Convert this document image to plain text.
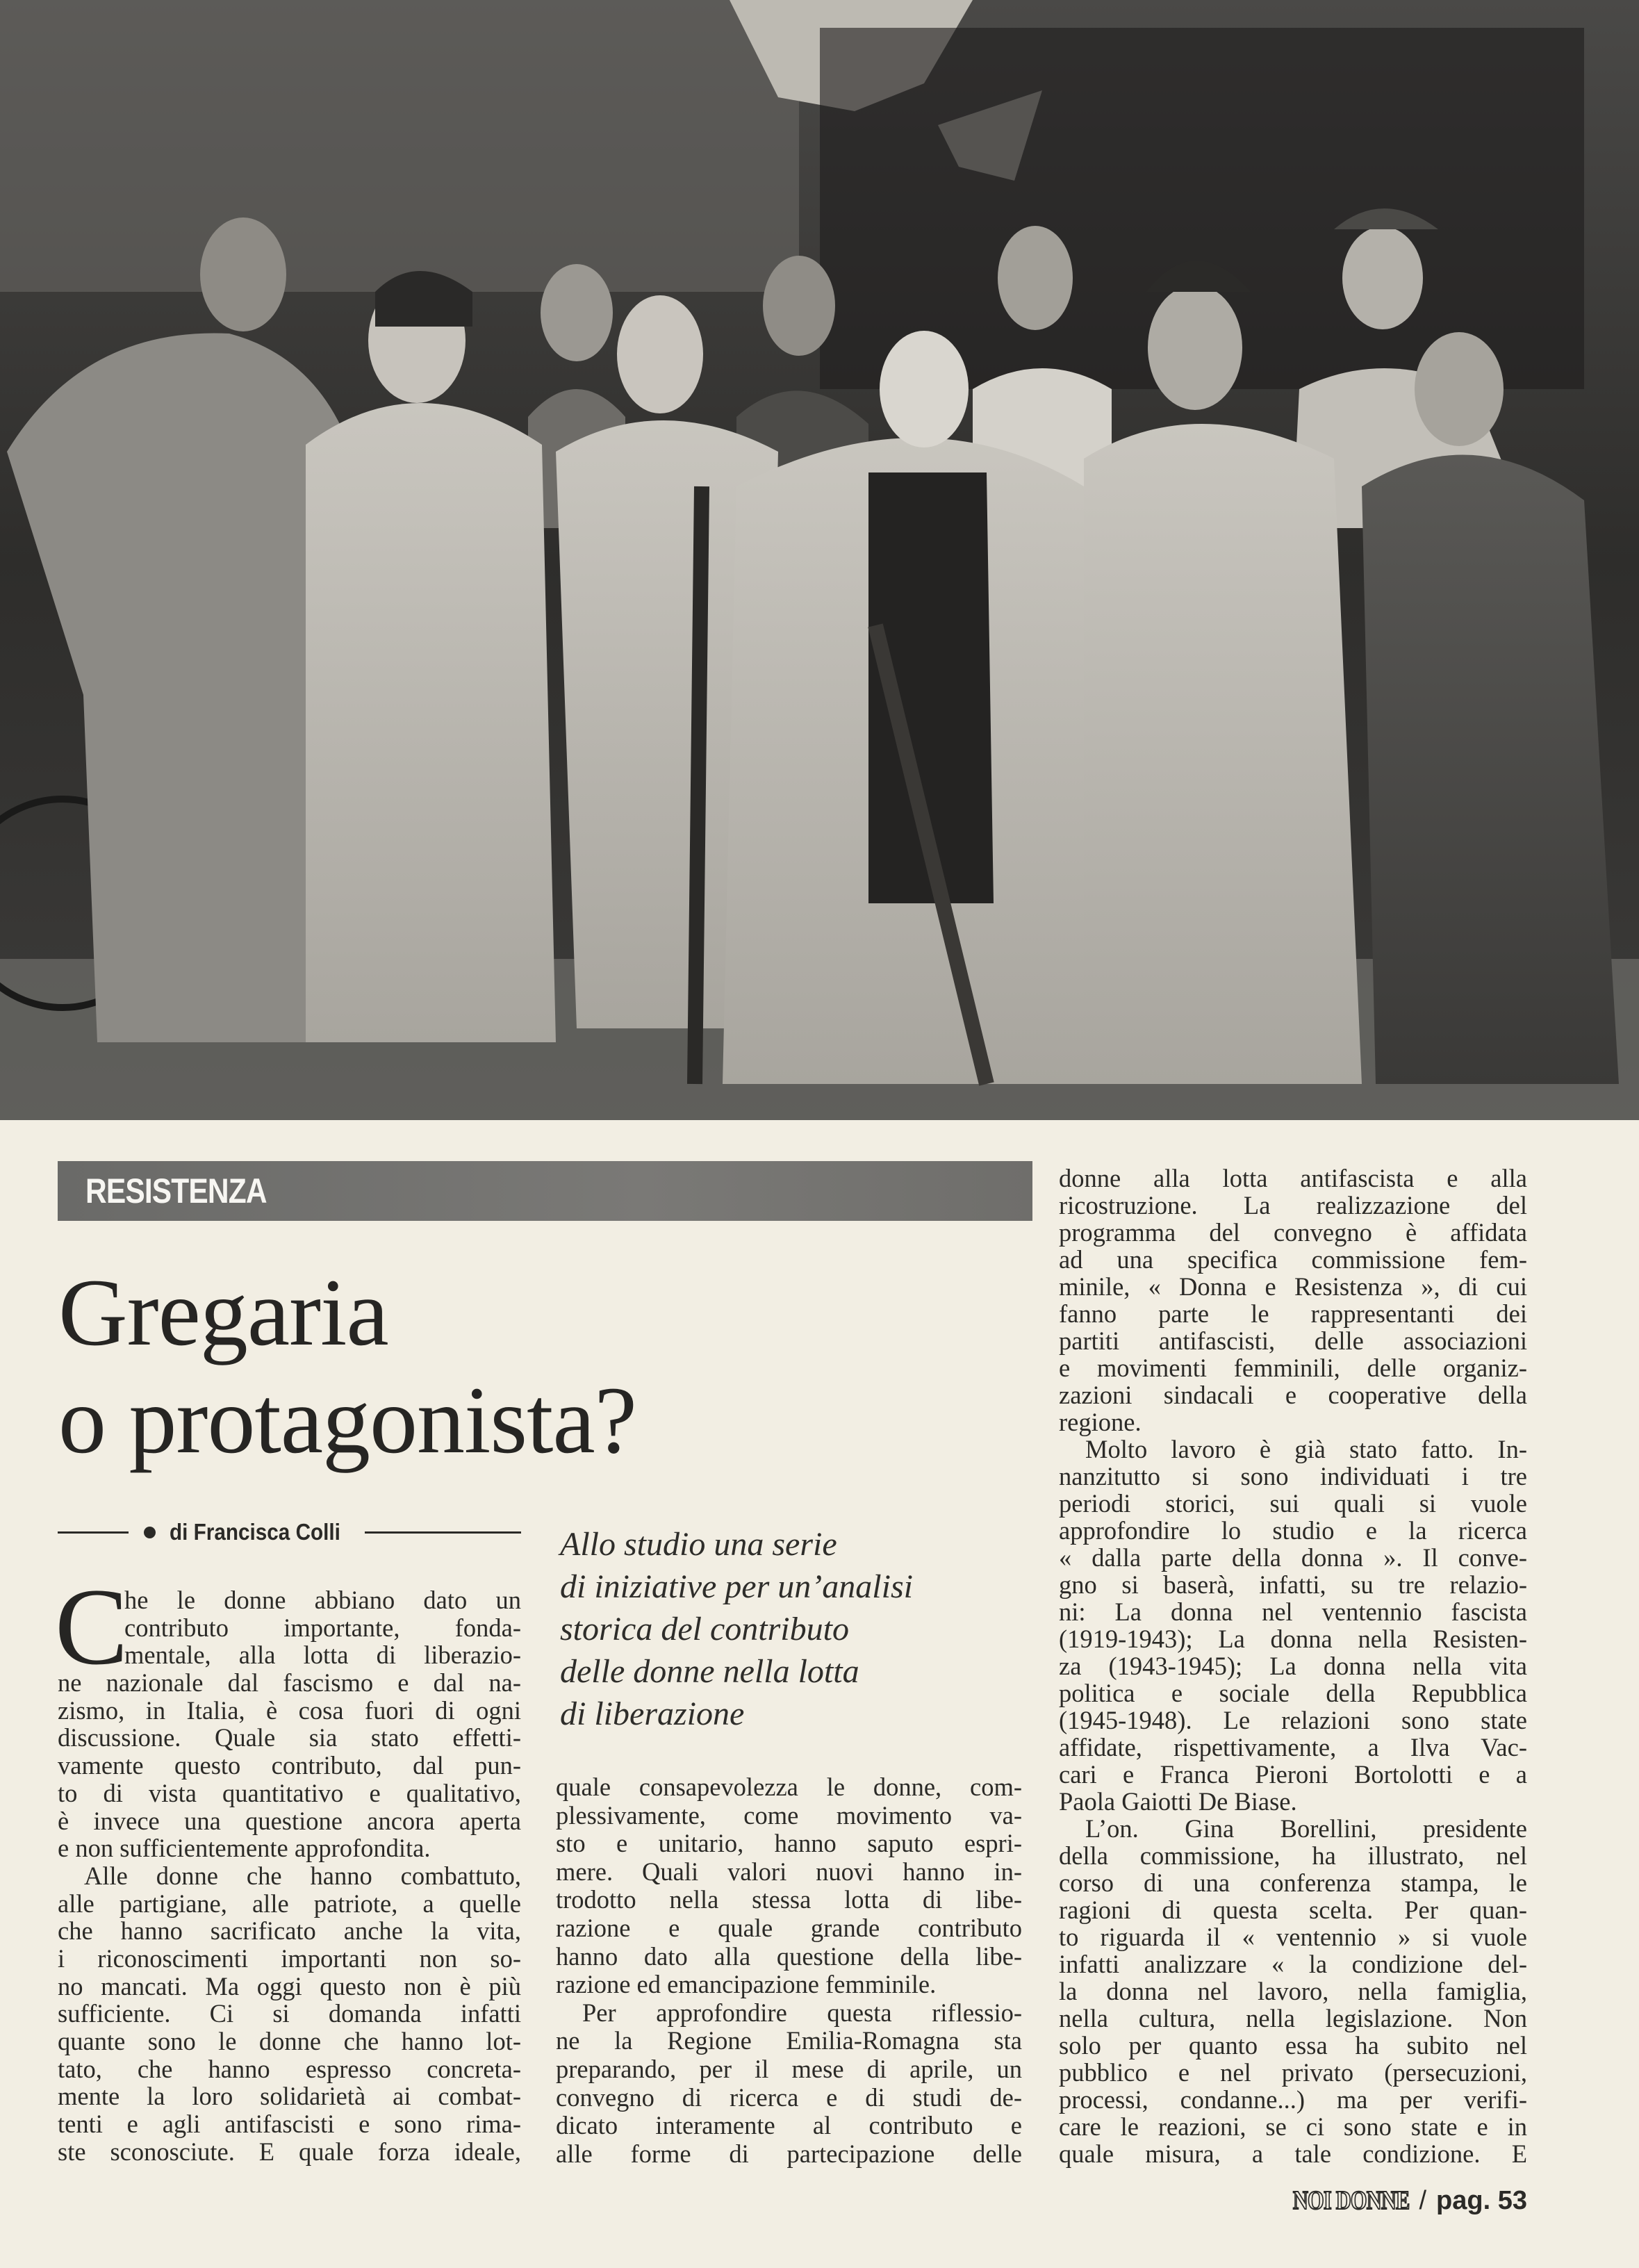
RESISTENZA
Gregaria
o protagonista?
di Francisca Colli	Allo studio una serie
di iniziative per un’analisi
storica del contributo
delle donne nella lotta
di liberazione
C
he le donne abbiano dato un
contributo importante, fonda-
mentale, alla lotta di liberazio-
ne nazionale dal fascismo e dal na-
zismo, in Italia, è cosa fuori di ogni
discussione. Quale sia stato effetti-
vamente questo contributo, dal pun-
to di vista quantitativo e qualitativo,
è invece una questione ancora aperta
e non sufficientemente approfondita.
Alle donne che hanno combattuto,
alle partigiane, alle patriote, a quelle
che hanno sacrificato anche la vita,
i riconoscimenti importanti non so-
no mancati. Ma oggi questo non è più
sufficiente. Ci si domanda infatti
quante sono le donne che hanno lot-
tato, che hanno espresso concreta-
mente la loro solidarietà ai combat-
tenti e agli antifascisti e sono rima-
ste sconosciute. E quale forza ideale,
quale consapevolezza le donne, com-
plessivamente, come movimento va-
sto e unitario, hanno saputo espri-
mere. Quali valori nuovi hanno in-
trodotto nella stessa lotta di libe-
razione e quale grande contributo
hanno dato alla questione della libe-
razione ed emancipazione femminile.
Per approfondire questa riflessio-
ne la Regione Emilia-Romagna sta
preparando, per il mese di aprile, un
convegno di ricerca e di studi de-
dicato interamente al contributo e
alle forme di partecipazione delle
donne alla lotta antifascista e alla
ricostruzione. La realizzazione del
programma del convegno è affidata
ad una specifica commissione fem-
minile, « Donna e Resistenza », di cui
fanno parte le rappresentanti dei
partiti antifascisti, delle associazioni
e movimenti femminili, delle organiz-
zazioni sindacali e cooperative della
regione.
Molto lavoro è già stato fatto. In-
nanzitutto si sono individuati i tre
periodi storici, sui quali si vuole
approfondire lo studio e la ricerca
« dalla parte della donna ». Il conve-
gno si baserà, infatti, su tre relazio-
ni: La donna nel ventennio fascista
(1919-1943); La donna nella Resisten-
za (1943-1945); La donna nella vita
politica e sociale della Repubblica
(1945-1948). Le relazioni sono state
affidate, rispettivamente, a Ilva Vac-
cari e Franca Pieroni Bortolotti e a
Paola Gaiotti De Biase.
L’on. Gina Borellini, presidente
della commissione, ha illustrato, nel
corso di una conferenza stampa, le
ragioni di questa scelta. Per quan-
to riguarda il « ventennio » si vuole
infatti analizzare « la condizione del-
la donna nel lavoro, nella famiglia,
nella cultura, nella legislazione. Non
solo per quanto essa ha subito nel
pubblico e nel privato (persecuzioni,
processi, condanne...) ma per verifi-
care le reazioni, se ci sono state e in
quale misura, a tale condizione. E
NOI DONNE / pag. 53
